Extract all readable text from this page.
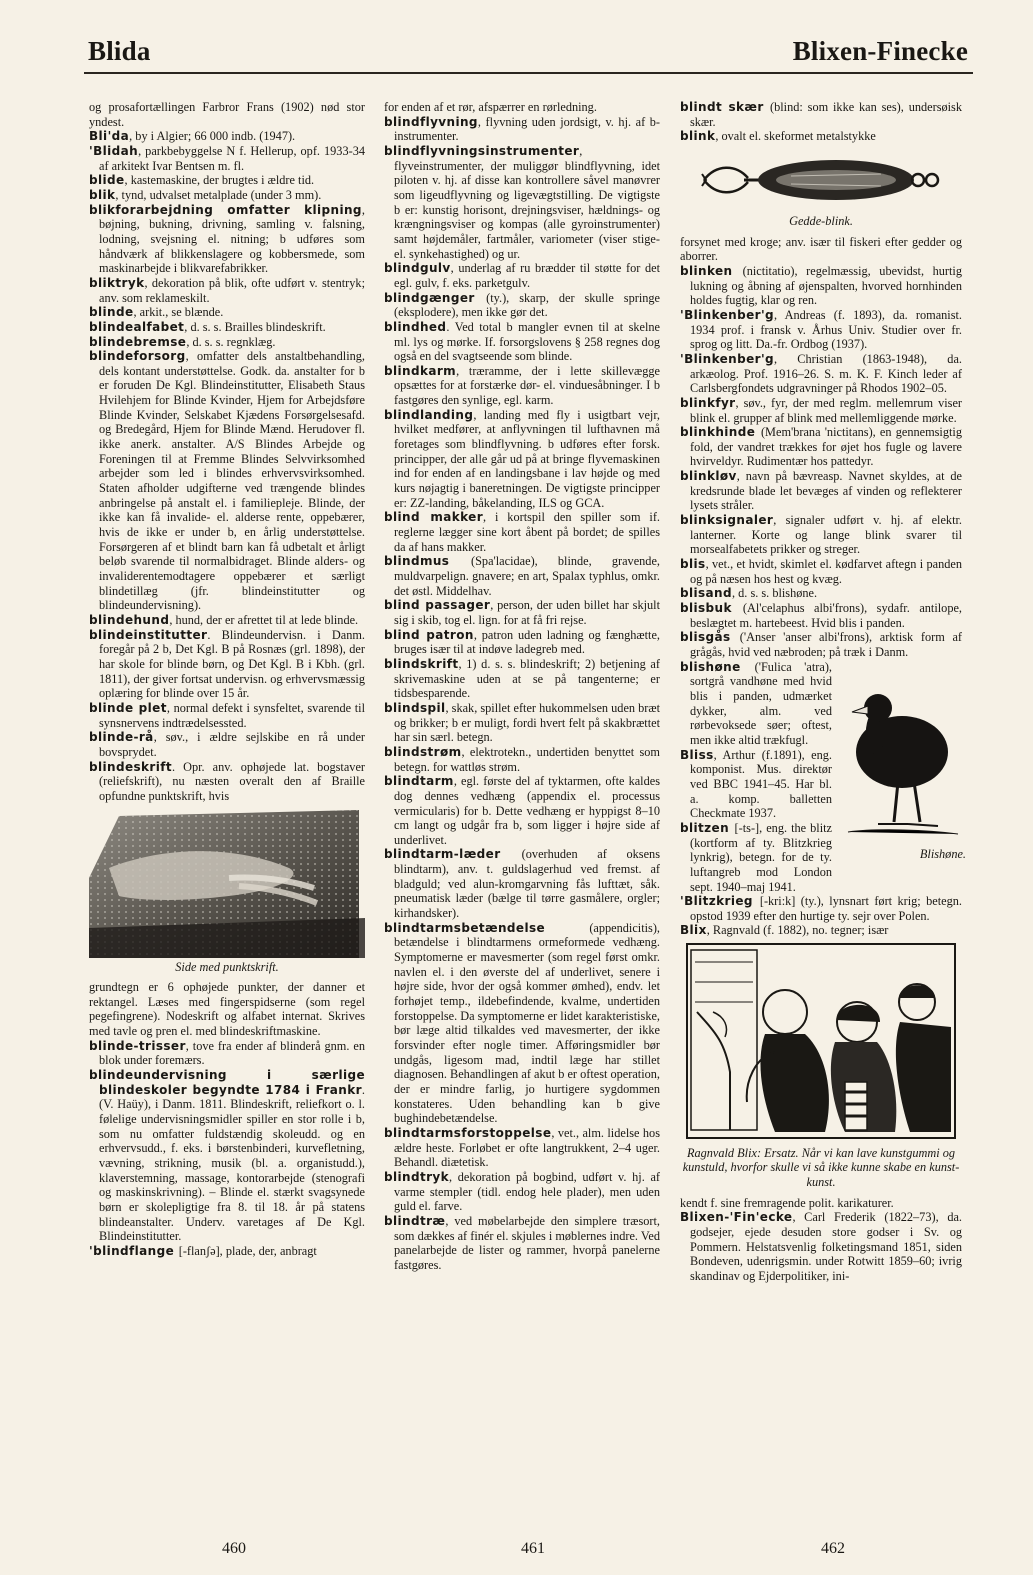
Blida	Blixen-Finecke

og prosafortællingen Farbror Frans (1902) nød stor yndest.

Bli'da, by i Algier; 66 000 indb. (1947).

'Blidah, parkbebyggelse N f. Hellerup, opf. 1933-34 af arkitekt Ivar Bentsen m. fl.

blide, kastemaskine, der brugtes i ældre tid.

blik, tynd, udvalset metalplade (under 3 mm).

blikforarbejdning omfatter klipning, bøjning, bukning, drivning, samling v. falsning, lodning, svejsning el. nitning; b udføres som håndværk af blikkenslagere og kobbersmede, som maskinarbejde i blikvarefabrikker.

bliktryk, dekoration på blik, ofte udført v. stentryk; anv. som reklameskilt.

blinde, arkit., se blænde.

blindealfabet, d. s. s. Brailles blindeskrift.

blindebremse, d. s. s. regnklæg.

blindeforsorg, omfatter dels anstaltbehandling, dels kontant understøttelse. Godk. da. anstalter for b er foruden De Kgl. Blindeinstitutter, Elisabeth Staus Hvilehjem for Blinde Kvinder, Hjem for Arbejdsføre Blinde Kvinder, Selskabet Kjædens Forsørgelsesafd. og Bredegård, Hjem for Blinde Mænd. Herudover fl. ikke anerk. anstalter. A/S Blindes Arbejde og Foreningen til at Fremme Blindes Selvvirksomhed arbejder som led i blindes erhvervsvirksomhed. Staten afholder udgifterne ved trængende blindes anbringelse på anstalt el. i familiepleje. Blinde, der ikke kan få invalide- el. alderse rente, oppebærer, hvis de ikke er under b, en årlig understøttelse. Forsørgeren af et blindt barn kan få udbetalt et årligt beløb svarende til normalbidraget. Blinde alders- og invaliderentemodtagere oppebærer et særligt blindetillæg (jfr. blindeinstitutter og blindeundervisning).

blindehund, hund, der er afrettet til at lede blinde.

blindeinstitutter. Blindeundervisn. i Danm. foregår på 2 b, Det Kgl. B på Rosnæs (grl. 1898), der har skole for blinde børn, og Det Kgl. B i Kbh. (grl. 1811), der giver fortsat undervisn. og erhvervsmæssig oplæring for blinde over 15 år.

blinde plet, normal defekt i synsfeltet, svarende til synsnervens indtrædelsessted.

blinde-rå, søv., i ældre sejlskibe en rå under bovsprydet.

blindeskrift. Opr. anv. ophøjede lat. bogstaver (reliefskrift), nu næsten overalt den af Braille opfundne punktskrift, hvis

Side med punktskrift.

grundtegn er 6 ophøjede punkter, der danner et rektangel. Læses med fingerspidserne (som regel pegefingrene). Nodeskrift og alfabet internat. Skrives med tavle og pren el. med blindeskriftmaskine.

blinde-trisser, tove fra ender af blinderå gnm. en blok under foremærs.

blindeundervisning i særlige blindeskoler begyndte 1784 i Frankr. (V. Haüy), i Danm. 1811. Blindeskrift, reliefkort o. l. følelige undervisningsmidler spiller en stor rolle i b, som nu omfatter fuldstændig skoleudd. og en erhvervsudd., f. eks. i børstenbinderi, kurvefletning, vævning, strikning, musik (bl. a. organistudd.), klaverstemning, massage, kontorarbejde (stenografi og maskinskrivning). – Blinde el. stærkt svagsynede børn er skolepligtige fra 8. til 18. år på statens blindeanstalter. Underv. varetages af De Kgl. Blindeinstitutter.

'blindflange [-flanʃə], plade, der, anbragt

for enden af et rør, afspærrer en rørledning.

blindflyvning, flyvning uden jordsigt, v. hj. af b-instrumenter.

blindflyvningsinstrumenter, flyveinstrumenter, der muliggør blindflyvning, idet piloten v. hj. af disse kan kontrollere såvel manøvrer som ligeudflyvning og ligevægtstilling. De vigtigste b er: kunstig horisont, drejningsviser, hældnings- og krængningsviser og kompas (alle gyroinstrumenter) samt højdemåler, fartmåler, variometer (viser stige- el. synkehastighed) og ur.

blindgulv, underlag af ru brædder til støtte for det egl. gulv, f. eks. parketgulv.

blindgænger (ty.), skarp, der skulle springe (eksplodere), men ikke gør det.

blindhed. Ved total b mangler evnen til at skelne ml. lys og mørke. If. forsorgslovens § 258 regnes dog også en del svagtseende som blinde.

blindkarm, træramme, der i lette skillevægge opsættes for at forstærke dør- el. vinduesåbninger. I b fastgøres den synlige, egl. karm.

blindlanding, landing med fly i usigtbart vejr, hvilket medfører, at anflyvningen til lufthavnen må foretages som blindflyvning. b udføres efter forsk. principper, der alle går ud på at bringe flyvemaskinen ind for enden af en landingsbane i lav højde og med kurs nøjagtig i baneretningen. De vigtigste principper er: ZZ-landing, båkelanding, ILS og GCA.

blind makker, i kortspil den spiller som if. reglerne lægger sine kort åbent på bordet; de spilles da af hans makker.

blindmus (Spa'lacidae), blinde, gravende, muldvarpelign. gnavere; en art, Spalax typhlus, omkr. det østl. Middelhav.

blind passager, person, der uden billet har skjult sig i skib, tog el. lign. for at få fri rejse.

blind patron, patron uden ladning og fænghætte, bruges især til at indøve ladegreb med.

blindskrift, 1) d. s. s. blindeskrift; 2) betjening af skrivemaskine uden at se på tangenterne; er tidsbesparende.

blindspil, skak, spillet efter hukommelsen uden bræt og brikker; b er muligt, fordi hvert felt på skakbrættet har sin særl. betegn.

blindstrøm, elektrotekn., undertiden benyttet som betegn. for wattløs strøm.

blindtarm, egl. første del af tyktarmen, ofte kaldes dog dennes vedhæng (appendix el. processus vermicularis) for b. Dette vedhæng er hyppigst 8–10 cm langt og udgår fra b, som ligger i højre side af underlivet.

blindtarm-læder (overhuden af oksens blindtarm), anv. t. guldslagerhud ved fremst. af bladguld; ved alun-kromgarvning fås lufttæt, såk. pneumatisk læder (bælge til tørre gasmålere, orgler; kirhandsker).

blindtarmsbetændelse (appendicitis), betændelse i blindtarmens ormeformede vedhæng. Symptomerne er mavesmerter (som regel først omkr. navlen el. i den øverste del af underlivet, senere i højre side, hvor der også kommer ømhed), endv. let forhøjet temp., ildebefindende, kvalme, undertiden forstoppelse. Da symptomerne er lidet karakteristiske, bør læge altid tilkaldes ved mavesmerter, der ikke forsvinder efter nogle timer. Afføringsmidler bør undgås, ligesom mad, indtil læge har stillet diagnosen. Behandlingen af akut b er oftest operation, der er mindre farlig, jo hurtigere sygdommen konstateres. Uden behandling kan b give bughindebetændelse.

blindtarmsforstoppelse, vet., alm. lidelse hos ældre heste. Forløbet er ofte langtrukkent, 2–4 uger. Behandl. diætetisk.

blindtryk, dekoration på bogbind, udført v. hj. af varme stempler (tidl. endog hele plader), men uden guld el. farve.

blindtræ, ved møbelarbejde den simplere træsort, som dækkes af finér el. skjules i møblernes indre. Ved panelarbejde de lister og rammer, hvorpå panelerne fastgøres.

blindt skær (blind: som ikke kan ses), undersøisk skær.

blink, ovalt el. skeformet metalstykke

Gedde-blink.

forsynet med kroge; anv. især til fiskeri efter gedder og aborrer.

blinken (nictitatio), regelmæssig, ubevidst, hurtig lukning og åbning af øjenspalten, hvorved hornhinden holdes fugtig, klar og ren.

'Blinkenber'g, Andreas (f. 1893), da. romanist. 1934 prof. i fransk v. Århus Univ. Studier over fr. sprog og litt. Da.-fr. Ordbog (1937).

'Blinkenber'g, Christian (1863-1948), da. arkæolog. Prof. 1916–26. S. m. K. F. Kinch leder af Carlsbergfondets udgravninger på Rhodos 1902–05.

blinkfyr, søv., fyr, der med reglm. mellemrum viser blink el. grupper af blink med mellemliggende mørke.

blinkhinde (Mem'brana 'nictitans), en gennemsigtig fold, der vandret trækkes for øjet hos fugle og lavere hvirveldyr. Rudimentær hos pattedyr.

blinkløv, navn på bævreasp. Navnet skyldes, at de kredsrunde blade let bevæges af vinden og reflekterer lysets stråler.

blinksignaler, signaler udført v. hj. af elektr. lanterner. Korte og lange blink svarer til morsealfabetets prikker og streger.

blis, vet., et hvidt, skimlet el. kødfarvet aftegn i panden og på næsen hos hest og kvæg.

blisand, d. s. s. blishøne.

blisbuk (Al'celaphus albi'frons), sydafr. antilope, beslægtet m. hartebeest. Hvid blis i panden.

blisgås ('Anser 'anser albi'frons), arktisk form af grågås, hvid ved næbroden; på træk i Danm.

Blishøne.

blishøne ('Fulica 'atra), sortgrå vandhøne med hvid blis i panden, udmærket dykker, alm. ved rørbevoksede søer; oftest, men ikke altid trækfugl.

Bliss, Arthur (f.1891), eng. komponist. Mus. direktør ved BBC 1941–45. Har bl. a. komp. balletten Checkmate 1937.

blitzen [-ts-], eng. the blitz (kortform af ty. Blitzkrieg lynkrig), betegn. for de ty. luftangreb mod London sept. 1940–maj 1941.

'Blitzkrieg [-kri:k] (ty.), lynsnart ført krig; betegn. opstod 1939 efter den hurtige ty. sejr over Polen.

Blix, Ragnvald (f. 1882), no. tegner; især

Ragnvald Blix: Ersatz. Når vi kan lave kunstgummi og kunstuld, hvorfor skulle vi så ikke kunne skabe en kunst-kunst.

kendt f. sine fremragende polit. karikaturer.

Blixen-'Fin'ecke, Carl Frederik (1822–73), da. godsejer, ejede desuden store godser i Sv. og Pommern. Helstatsvenlig folketingsmand 1851, siden Bondeven, udenrigsmin. under Rotwitt 1859–60; ivrig skandinav og Ejderpolitiker, ini-

460	461	462
